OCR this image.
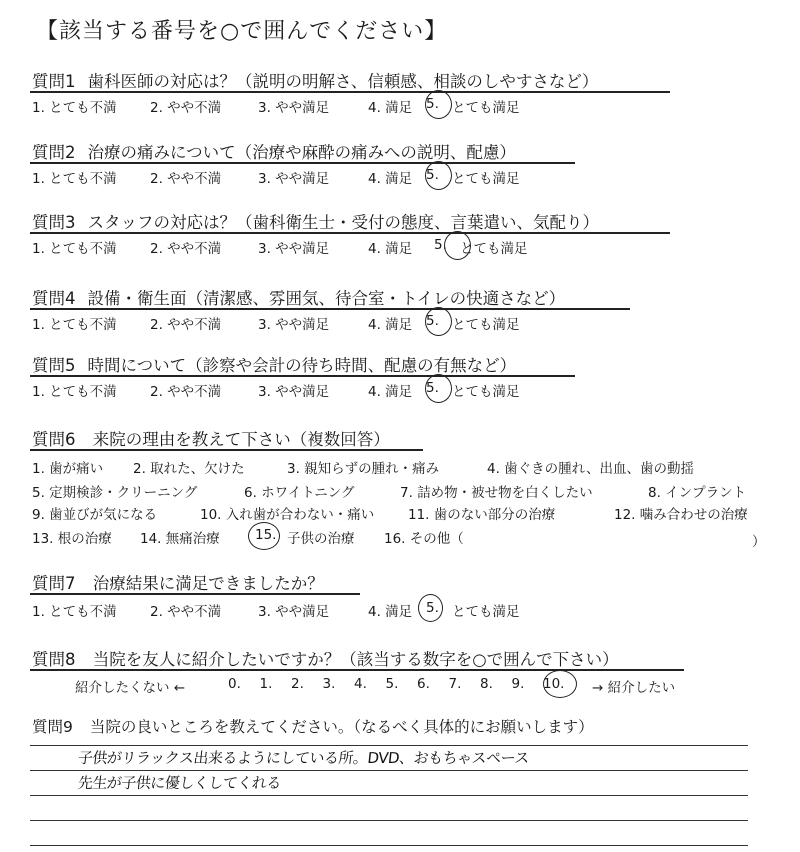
【該当する番号を○で囲んでください】
質問1 歯科医師の対応は？（説明の明解さ、信頼感、相談のしやすさなど）
1. とても不満 2. やや不満	3. やや満足	4. 満足 5. とても満足
質問2 治療の痛みについて（治療や麻酔の痛みへの説明、配慮）
1. とても不満 2. やや不満	3. やや満足	4. 満足 5. とても満足
質問3 スタッフの対応は？（歯科衛生士・受付の態度、言葉遣い、気配り）
1. とても不満 2. やや不満	3. やや満足	4. 満足 5. とても満足
質問4 設備・衛生面（清潔感、雰囲気、待合室・トイレの快適さなど）
1. とても不満 2. やや不満	3. やや満足	4. 満足 5. とても満足
質問5 時間について（診察や会計の待ち時間、配慮の有無など）
1. とても不満 2. やや不満	3. やや満足	4. 満足 5. とても満足
質問6 来院の理由を教えて下さい（複数回答）
1. 歯が痛い 2. 取れた、欠けた	3. 親知らずの腫れ・痛み	4. 歯ぐきの腫れ、出血、歯の動揺
5. 定期検診・クリーニング	6. ホワイトニング	7. 詰め物・被せ物を白くしたい	8. インプラント
9. 歯並びが気になる	10. 入れ歯が合わない・痛い 11. 歯のない部分の治療	12. 噛み合わせの治療
13. 根の治療 14. 無痛治療	15. 子供の治療 16. その他（	）
質問7 治療結果に満足できましたか？
1. とても不満 2. やや不満	3. やや満足	4. 満足 5. とても満足
質問8 当院を友人に紹介したいですか？（該当する数字を○で囲んで下さい）
紹介したくない ←	0. 1. 2. 3. 4. 5. 6. 7. 8. 9. 10. → 紹介したい
質問9 当院の良いところを教えてください。（なるべく具体的にお願いします）
子供がリラックス出来るようにしている所。DVD、おもちゃスペース
先生が子供に優しくしてくれる
